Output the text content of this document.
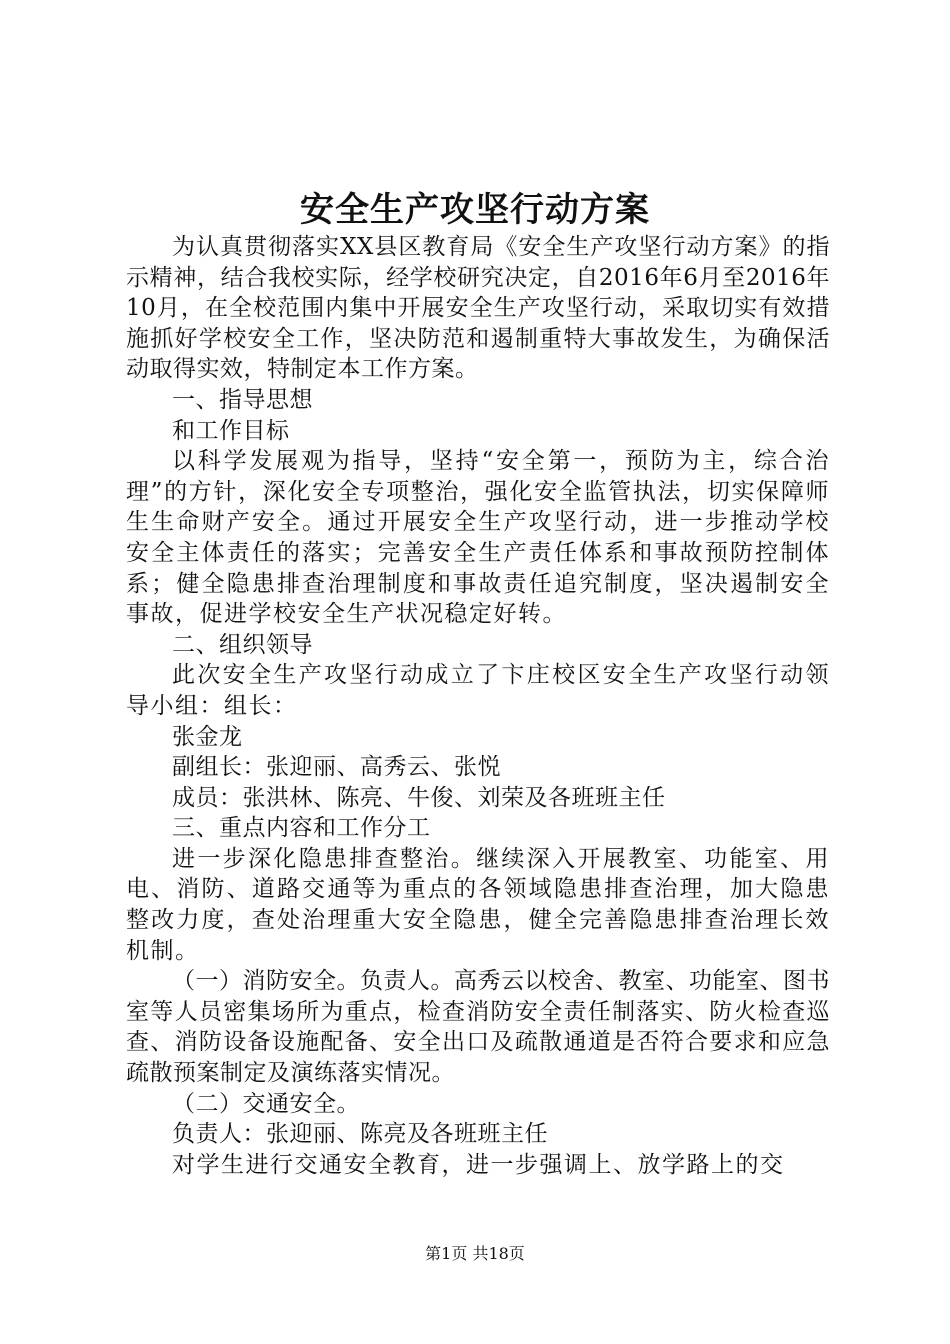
安全生产攻坚行动方案

为认真贯彻落实XX县区教育局《安全生产攻坚行动方案》的指示精神，结合我校实际，经学校研究决定，自2016年6月至2016年10月，在全校范围内集中开展安全生产攻坚行动，采取切实有效措施抓好学校安全工作，坚决防范和遏制重特大事故发生，为确保活动取得实效，特制定本工作方案。

一、指导思想

和工作目标

以科学发展观为指导，坚持“安全第一，预防为主，综合治理”的方针，深化安全专项整治，强化安全监管执法，切实保障师生生命财产安全。通过开展安全生产攻坚行动，进一步推动学校安全主体责任的落实；完善安全生产责任体系和事故预防控制体系；健全隐患排查治理制度和事故责任追究制度，坚决遏制安全事故，促进学校安全生产状况稳定好转。

二、组织领导

此次安全生产攻坚行动成立了卞庄校区安全生产攻坚行动领导小组：组长：

张金龙

副组长：张迎丽、高秀云、张悦

成员：张洪林、陈亮、牛俊、刘荣及各班班主任

三、重点内容和工作分工

进一步深化隐患排查整治。继续深入开展教室、功能室、用电、消防、道路交通等为重点的各领域隐患排查治理，加大隐患整改力度，查处治理重大安全隐患，健全完善隐患排查治理长效机制。

（一）消防安全。负责人。高秀云以校舍、教室、功能室、图书室等人员密集场所为重点，检查消防安全责任制落实、防火检查巡查、消防设备设施配备、安全出口及疏散通道是否符合要求和应急疏散预案制定及演练落实情况。

（二）交通安全。

负责人：张迎丽、陈亮及各班班主任

对学生进行交通安全教育，进一步强调上、放学路上的交

第1页 共18页
